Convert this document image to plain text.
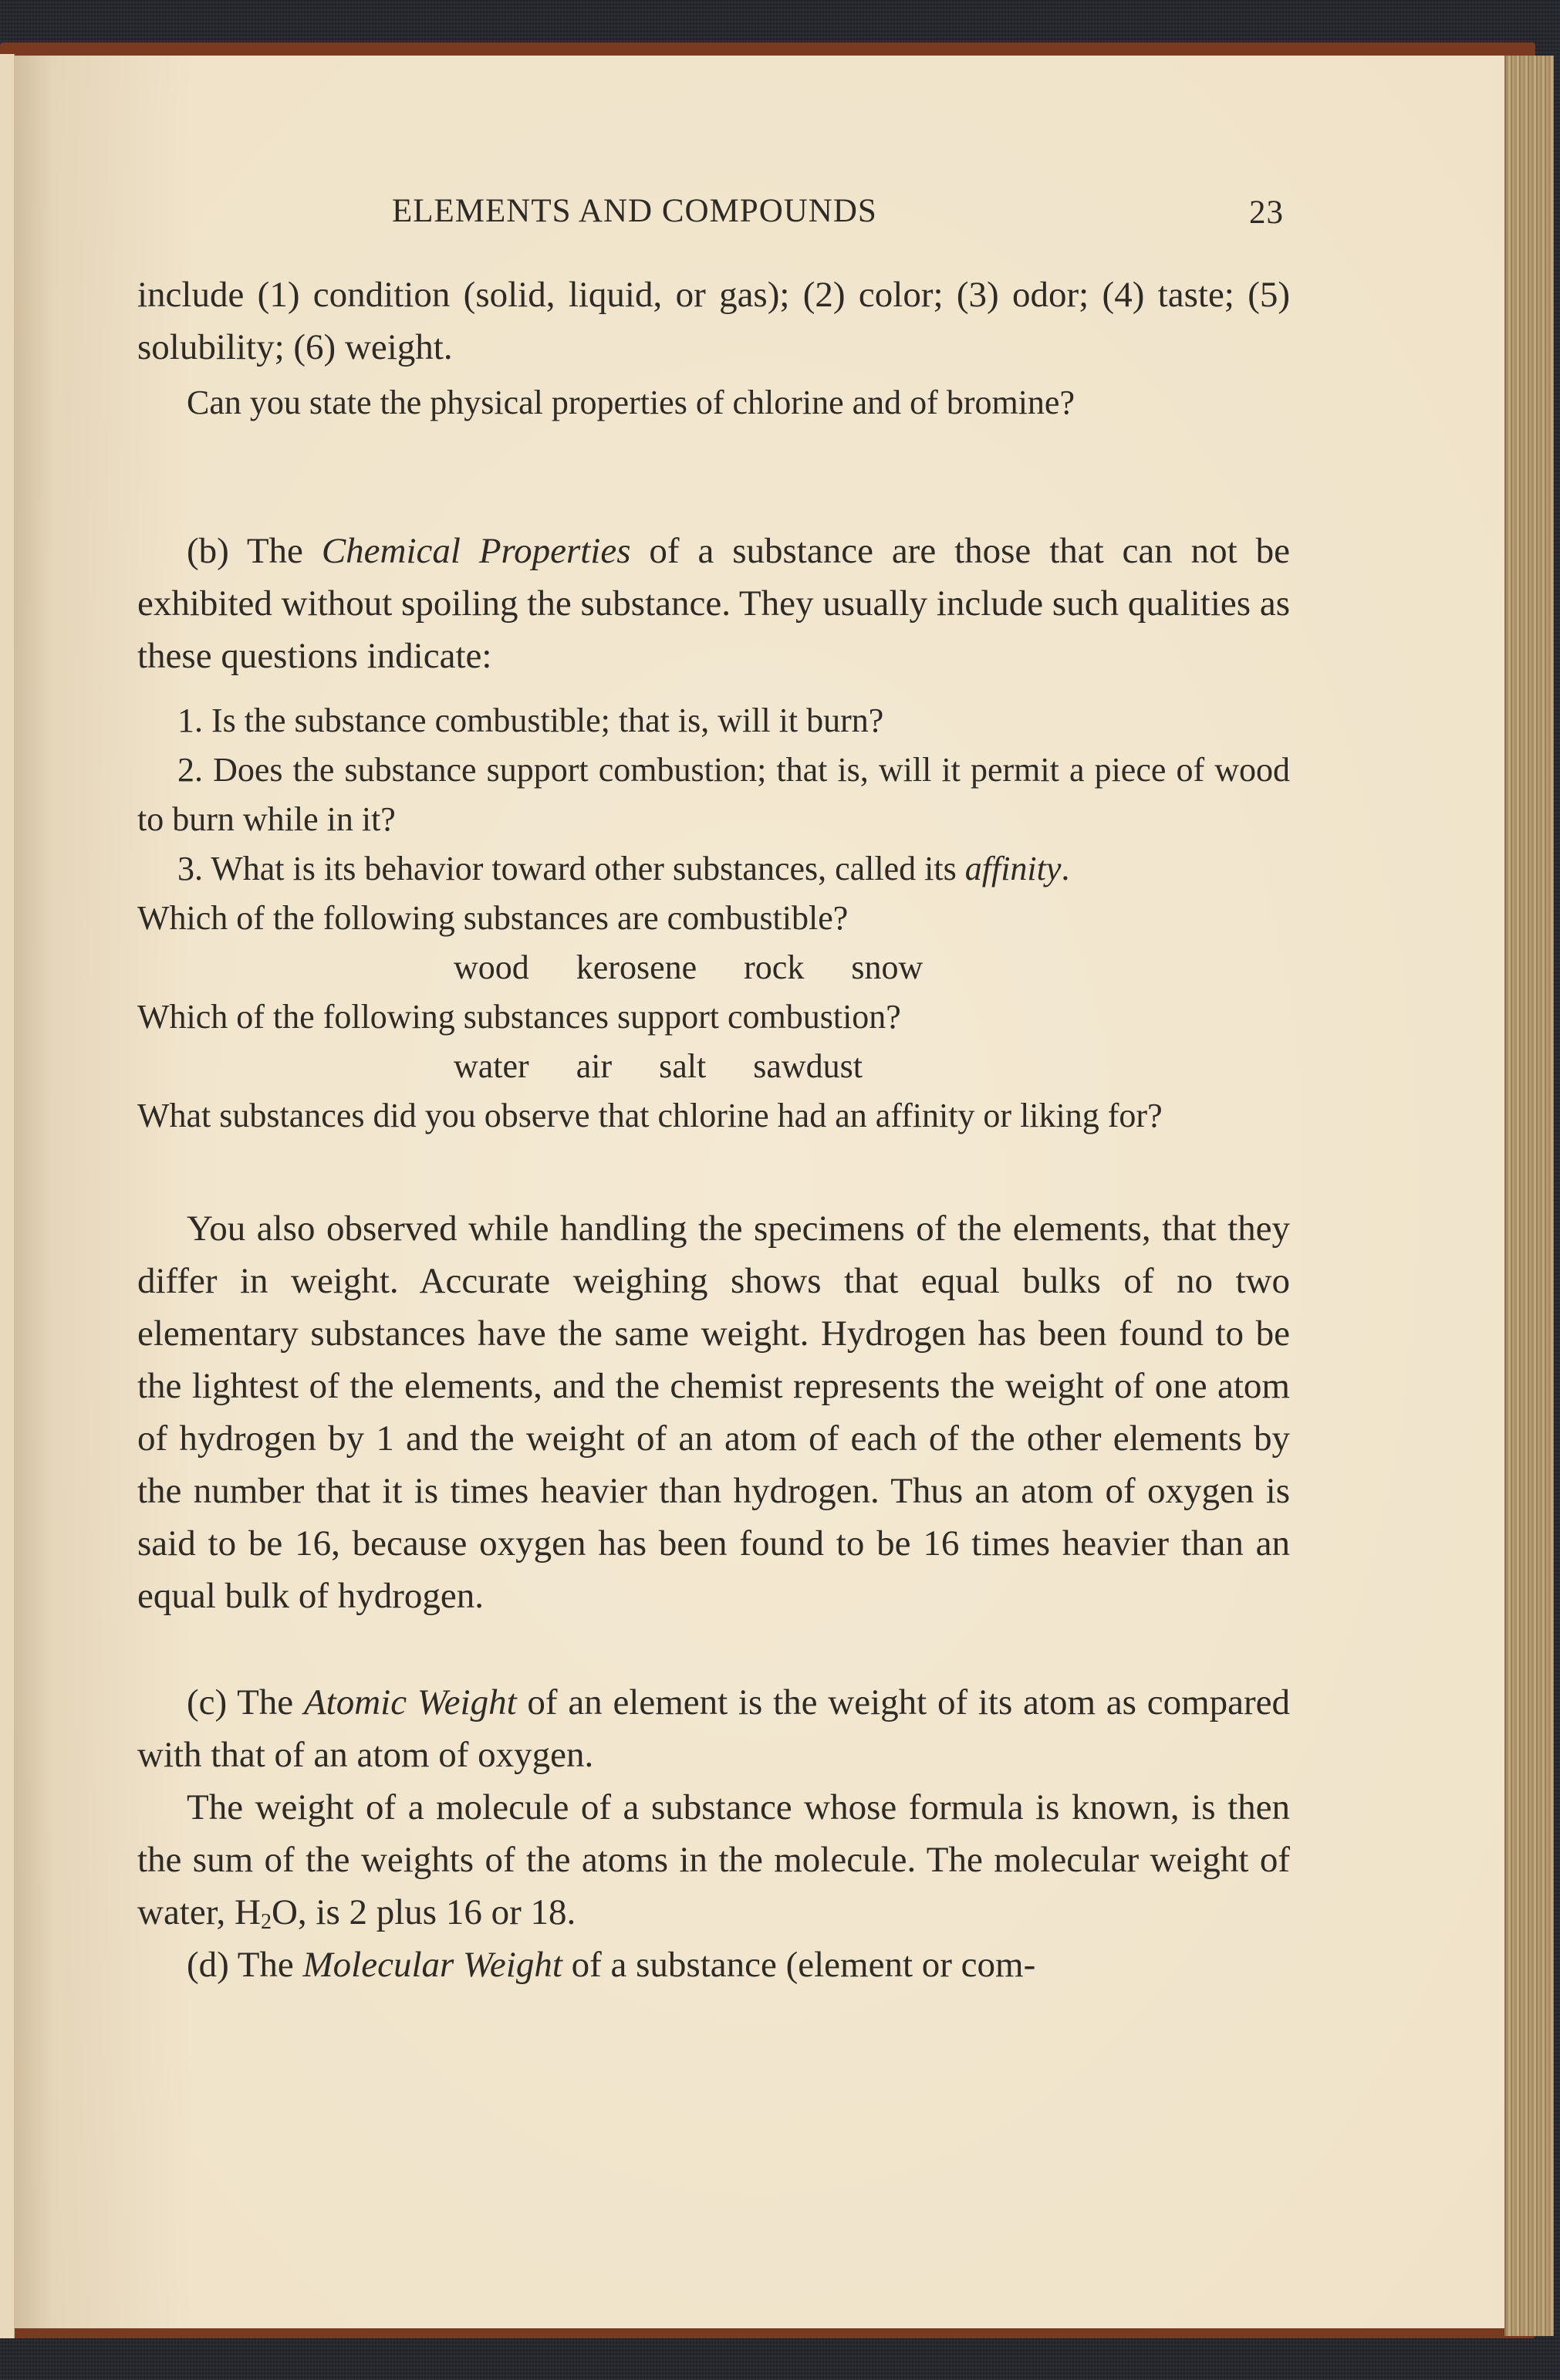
ELEMENTS AND COMPOUNDS	23

include (1) condition (solid, liquid, or gas); (2) color; (3) odor; (4) taste; (5) solubility; (6) weight.

Can you state the physical properties of chlorine and of bromine?

(b) The Chemical Properties of a substance are those that can not be exhibited without spoiling the substance. They usually include such qualities as these questions indicate:

1. Is the substance combustible; that is, will it burn?

2. Does the substance support combustion; that is, will it permit a piece of wood to burn while in it?

3. What is its behavior toward other substances, called its affinity.

Which of the following substances are combustible?

wood kerosene rock snow

Which of the following substances support combustion?

water air salt sawdust

What substances did you observe that chlorine had an affinity or liking for?

You also observed while handling the specimens of the elements, that they differ in weight. Accurate weighing shows that equal bulks of no two elementary substances have the same weight. Hydrogen has been found to be the lightest of the elements, and the chemist represents the weight of one atom of hydrogen by 1 and the weight of an atom of each of the other elements by the number that it is times heavier than hydrogen. Thus an atom of oxygen is said to be 16, because oxygen has been found to be 16 times heavier than an equal bulk of hydrogen.

(c) The Atomic Weight of an element is the weight of its atom as compared with that of an atom of oxygen.

The weight of a molecule of a substance whose formula is known, is then the sum of the weights of the atoms in the molecule. The molecular weight of water, $H_2O$, is 2 plus 16 or 18.

(d) The Molecular Weight of a substance (element or com-
